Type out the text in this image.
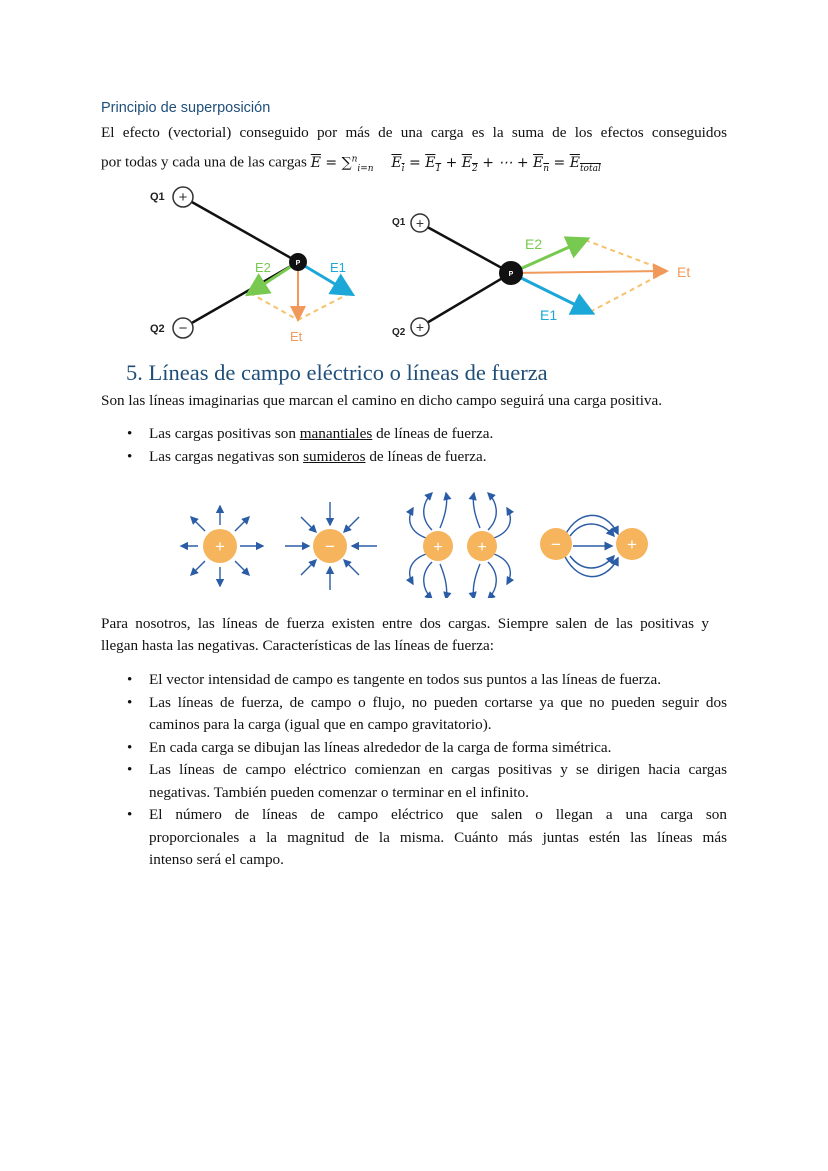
Principio de superposición
El efecto (vectorial) conseguido por más de una carga es la suma de los efectos conseguidos
por todas y cada una de las cargas $\overline{E} = \sum^n_{i=n}$ $E_i = E_1 + E_2$ + ⋯ + $E_n = E_{total}$
+
−
P
Q1
Q2
E2	E1
Et
+
+
P
Q1
Q2
E2
E1
Et
5. Líneas de campo eléctrico o líneas de fuerza
Son las líneas imaginarias que marcan el camino en dicho campo seguirá una carga positiva.
• Las cargas positivas son manantiales de líneas de fuerza.
• Las cargas negativas son sumideros de líneas de fuerza.
+	−	+ +	−	+
Para nosotros, las líneas de fuerza existen entre dos cargas. Siempre salen de las positivas y
llegan hasta las negativas. Características de las líneas de fuerza:
• El vector intensidad de campo es tangente en todos sus puntos a las líneas de fuerza.
• Las líneas de fuerza, de campo o flujo, no pueden cortarse ya que no pueden seguir dos
caminos para la carga (igual que en campo gravitatorio).
• En cada carga se dibujan las líneas alrededor de la carga de forma simétrica.
• Las líneas de campo eléctrico comienzan en cargas positivas y se dirigen hacia cargas
negativas. También pueden comenzar o terminar en el infinito.
• El número de líneas de campo eléctrico que salen o llegan a una carga son
proporcionales a la magnitud de la misma. Cuánto más juntas estén las líneas más
intenso será el campo.
